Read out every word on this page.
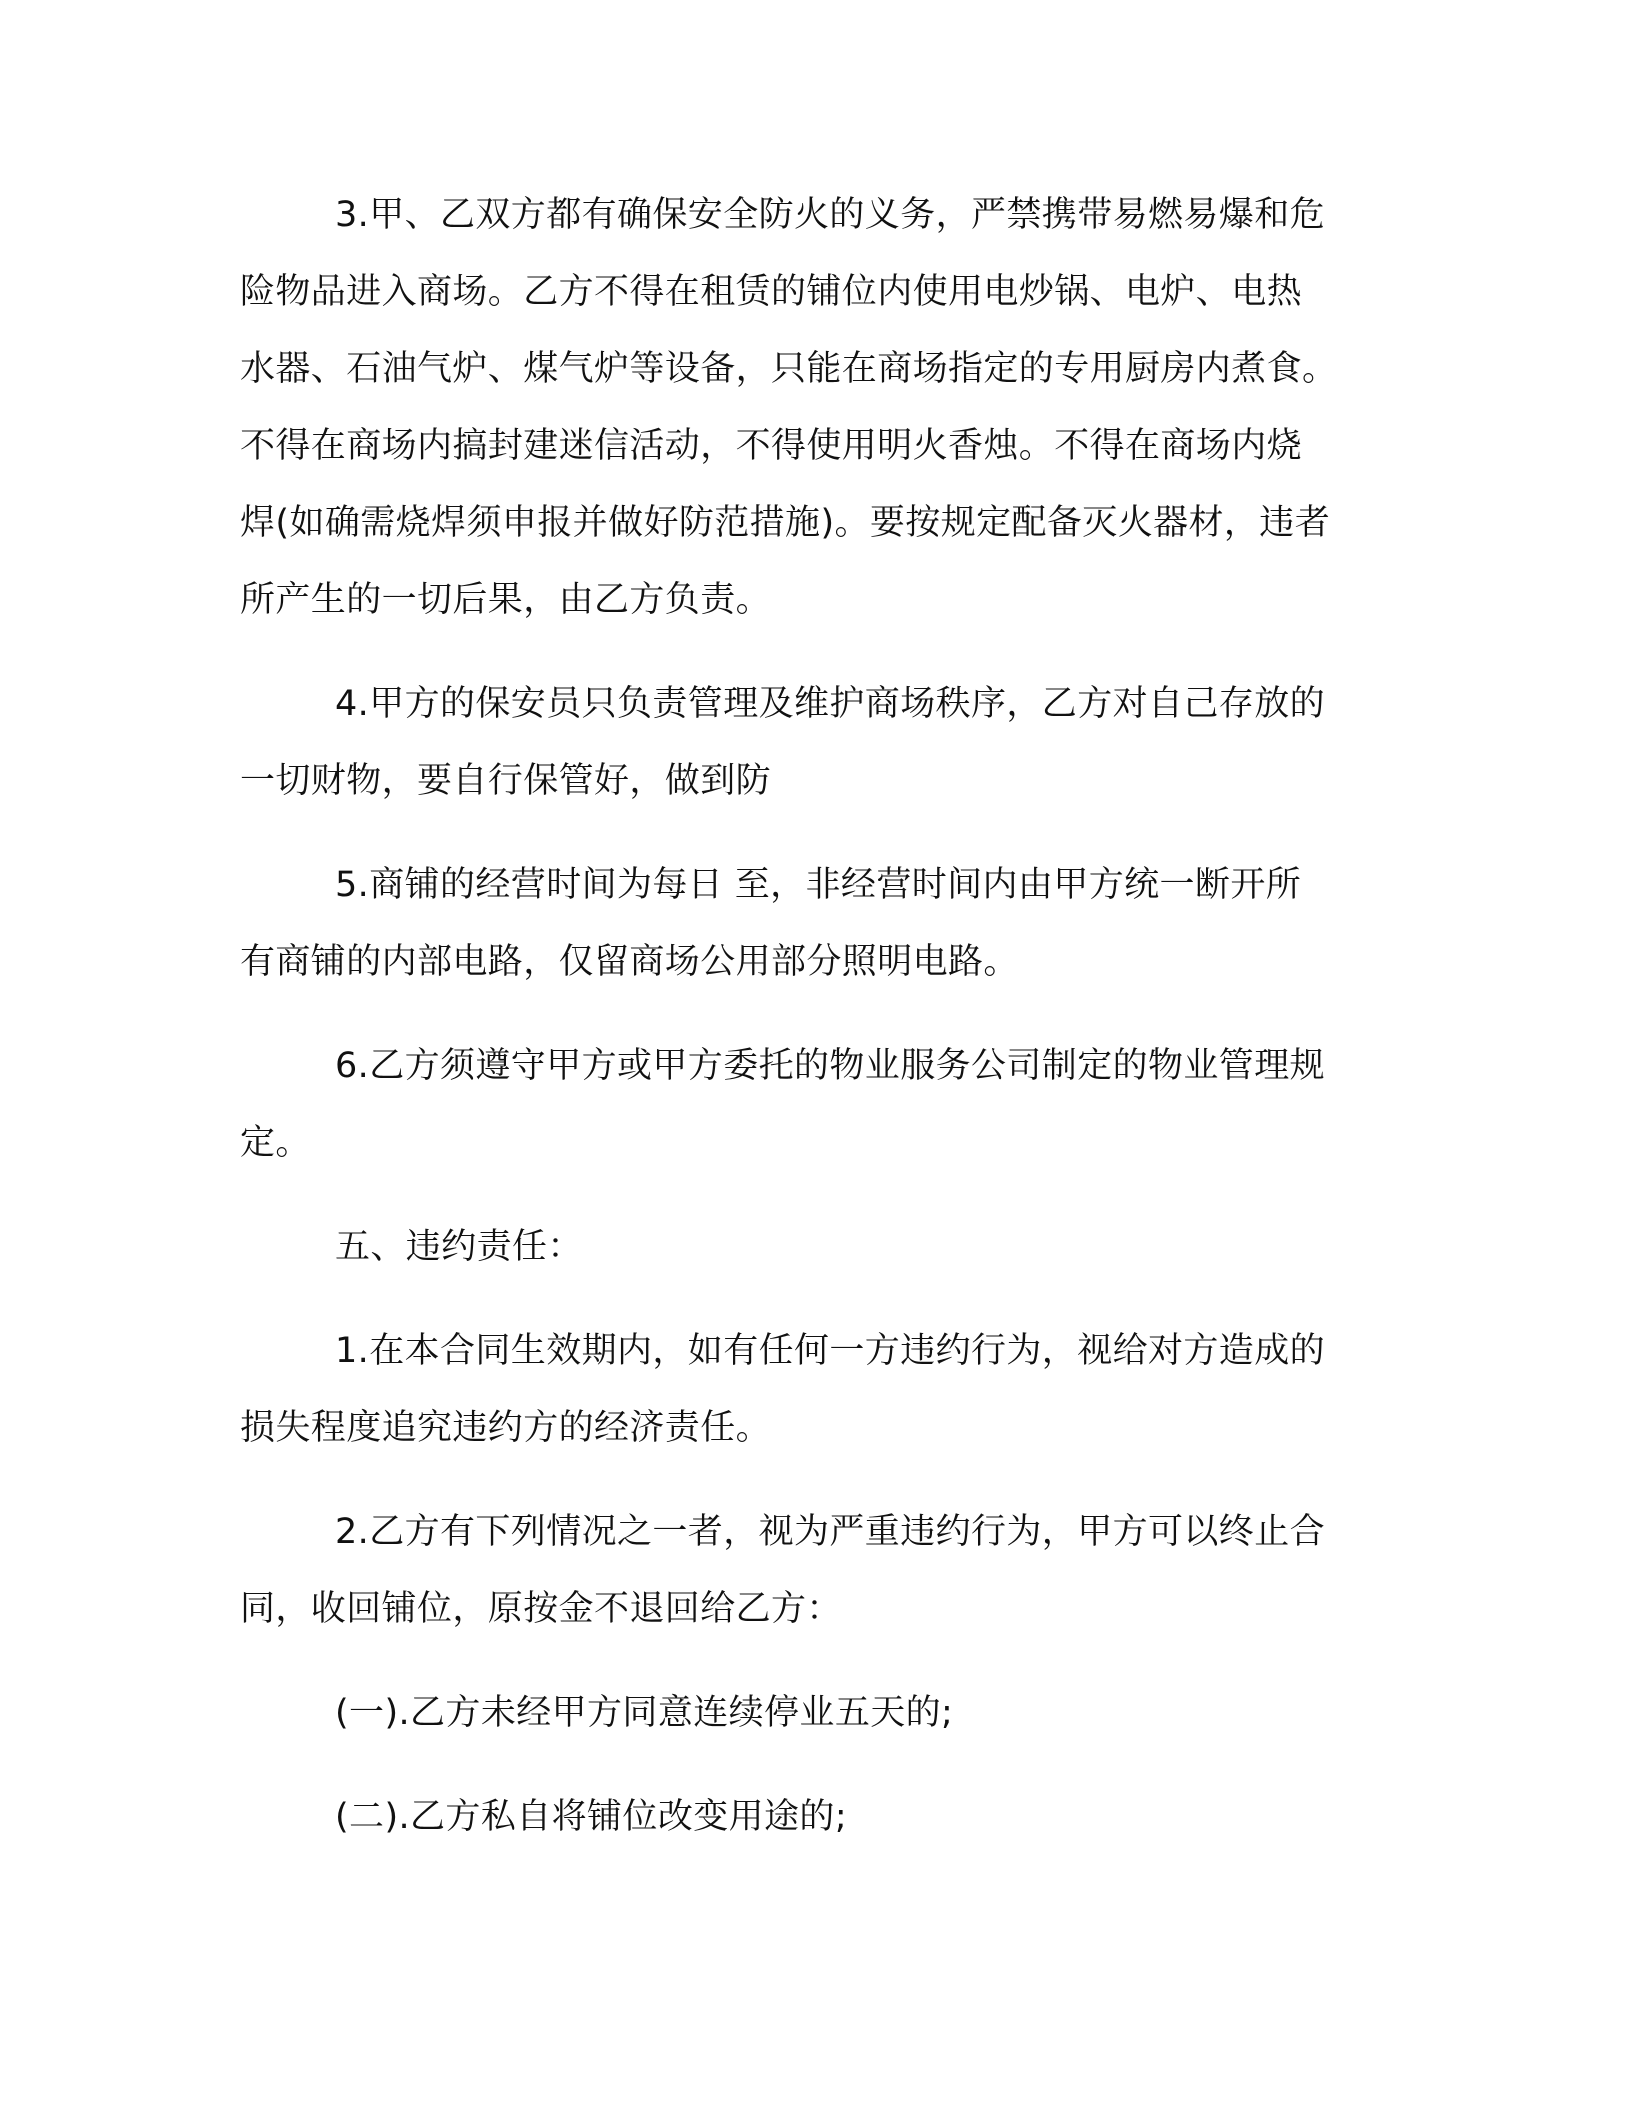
3.甲、乙双方都有确保安全防火的义务，严禁携带易燃易爆和危
险物品进入商场。乙方不得在租赁的铺位内使用电炒锅、电炉、电热
水器、石油气炉、煤气炉等设备，只能在商场指定的专用厨房内煮食。
不得在商场内搞封建迷信活动，不得使用明火香烛。不得在商场内烧
焊(如确需烧焊须申报并做好防范措施)。要按规定配备灭火器材，违者
所产生的一切后果，由乙方负责。
4.甲方的保安员只负责管理及维护商场秩序，乙方对自己存放的
一切财物，要自行保管好，做到防
5.商铺的经营时间为每日 至，非经营时间内由甲方统一断开所
有商铺的内部电路，仅留商场公用部分照明电路。
6.乙方须遵守甲方或甲方委托的物业服务公司制定的物业管理规
定。
五、违约责任：
1.在本合同生效期内，如有任何一方违约行为，视给对方造成的
损失程度追究违约方的经济责任。
2.乙方有下列情况之一者，视为严重违约行为，甲方可以终止合
同，收回铺位，原按金不退回给乙方：
(一).乙方未经甲方同意连续停业五天的;
(二).乙方私自将铺位改变用途的;
